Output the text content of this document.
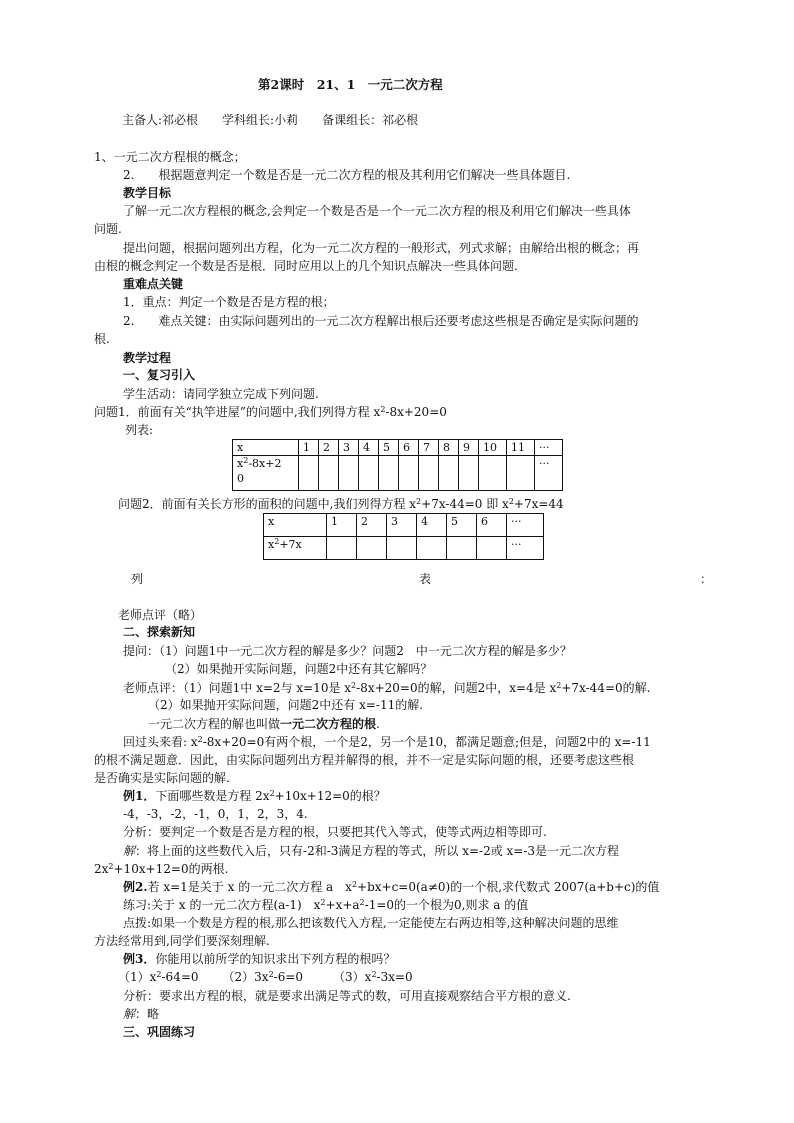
第2课时　21、1　一元二次方程
主备人:祁必根　　学科组长:小莉　　备课组长：祁必根
1、一元二次方程根的概念；
2.　　根据题意判定一个数是否是一元二次方程的根及其利用它们解决一些具体题目.
教学目标
了解一元二次方程根的概念,会判定一个数是否是一个一元二次方程的根及利用它们解决一些具体
问题.
提出问题，根据问题列出方程，化为一元二次方程的一般形式，列式求解；由解给出根的概念；再
由根的概念判定一个数是否是根．同时应用以上的几个知识点解决一些具体问题.
重难点关键
1．重点：判定一个数是否是方程的根；
2.　　难点关键：由实际问题列出的一元二次方程解出根后还要考虑这些根是否确定是实际问题的
根.
教学过程
一、复习引入
学生活动：请同学独立完成下列问题.
问题1．前面有关“执竿进屋”的问题中,我们列得方程 $x^2-8x+20=0$
列表:
x	1	2	3	4	5	6	7	8	9	10	11	···
$x^2-8x+2$
0												···
问题2．前面有关长方形的面积的问题中,我们列得方程 $x^2+7x-44=0$ 即 $x^2+7x=44$
x	1	2	3	4	5	6	···
$x^2+7x$							···
列	表	：
老师点评（略）
二、探索新知
提问：（1）问题1中一元二次方程的解是多少？问题2　中一元二次方程的解是多少？
（2）如果抛开实际问题，问题2中还有其它解吗？
老师点评：（1）问题1中 x=2与 x=10是 $x^2-8x+20=0$的解，问题2中，x=4是 $x^2+7x-44=0$的解.
（2）如果抛开实际问题，问题2中还有 x=-11的解.
一元二次方程的解也叫做一元二次方程的根.
回过头来看: $x^2-8x+20=0$有两个根，一个是2，另一个是10，都满足题意;但是，问题2中的 x=-11
的根不满足题意．因此，由实际问题列出方程并解得的根，并不一定是实际问题的根，还要考虑这些根
是否确实是实际问题的解.
例1．下面哪些数是方程 $2x^2+10x+12=0$的根？
-4，-3，-2，-1，0，1，2，3，4.
分析：要判定一个数是否是方程的根，只要把其代入等式，使等式两边相等即可.
解：将上面的这些数代入后，只有-2和-3满足方程的等式，所以 x=-2或 x=-3是一元二次方程
$2x^2+10x+12=0$的两根.
例2.若 x=1是关于 x 的一元二次方程 a　$x^2+bx+c=0(a\ne 0)$的一个根,求代数式 2007(a+b+c)的值
练习:关于 x 的一元二次方程(a-1)　$x^2+x+a^2-1=0$的一个根为0,则求 a 的值
点拨:如果一个数是方程的根,那么把该数代入方程,一定能使左右两边相等,这种解决问题的思维
方法经常用到,同学们要深刻理解.
例3．你能用以前所学的知识求出下列方程的根吗？
$(1)x^2-64=0$ $(2)3x^2-6=0$	$(3)x^2-3x=0$
分析：要求出方程的根，就是要求出满足等式的数，可用直接观察结合平方根的意义.
解：略
三、巩固练习
